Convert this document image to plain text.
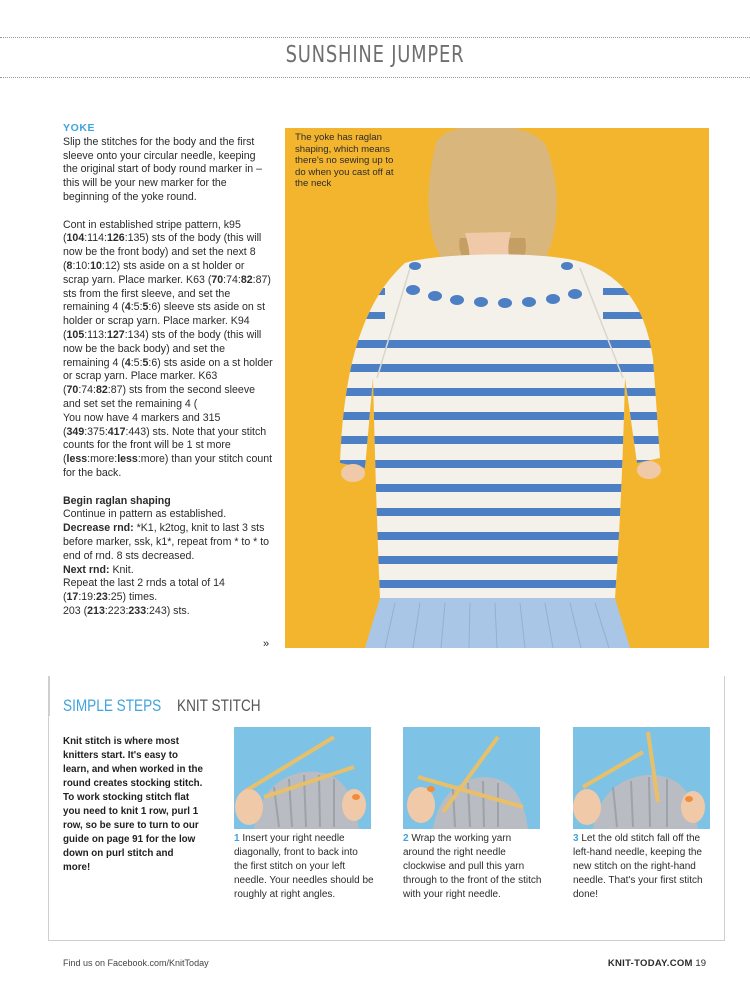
SUNSHINE JUMPER

YOKE

Slip the stitches for the body and the first sleeve onto your circular needle, keeping the original start of body round marker in – this will be your new marker for the beginning of the yoke round.

Cont in established stripe pattern, k95 (104:114:126:135) sts of the body (this will now be the front body) and set the next 8 (8:10:10:12) sts aside on a st holder or scrap yarn. Place marker. K63 (70:74:82:87) sts from the first sleeve, and set the remaining 4 (4:5:5:6) sleeve sts aside on st holder or scrap yarn. Place marker. K94 (105:113:127:134) sts of the body (this will now be the back body) and set the remaining 4 (4:5:5:6) sts aside on a st holder or scrap yarn. Place marker. K63 (70:74:82:87) sts from the second sleeve and set set the remaining 4 (

You now have 4 markers and 315 (349:375:417:443) sts. Note that your stitch counts for the front will be 1 st more (less:more:less:more) than your stitch count for the back.

Begin raglan shaping

Continue in pattern as established.

Decrease rnd: *K1, k2tog, knit to last 3 sts before marker, ssk, k1*, repeat from * to * to end of rnd. 8 sts decreased.

Next rnd: Knit.

Repeat the last 2 rnds a total of 14 (17:19:23:25) times.

203 (213:223:233:243) sts.

»
The yoke has raglan shaping, which means there's no sewing up to do when you cast off at the neck
SIMPLE STEPS KNIT STITCH
Knit stitch is where most knitters start. It's easy to learn, and when worked in the round creates stocking stitch. To work stocking stitch flat you need to knit 1 row, purl 1 row, so be sure to turn to our guide on page 91 for the low down on purl stitch and more!
1 Insert your right needle diagonally, front to back into the first stitch on your left needle. Your needles should be roughly at right angles.
2 Wrap the working yarn around the right needle clockwise and pull this yarn through to the front of the stitch with your right needle.
3 Let the old stitch fall off the left-hand needle, keeping the new stitch on the right-hand needle. That's your first stitch done!
Find us on Facebook.com/KnitToday	KNIT-TODAY.COM 19
